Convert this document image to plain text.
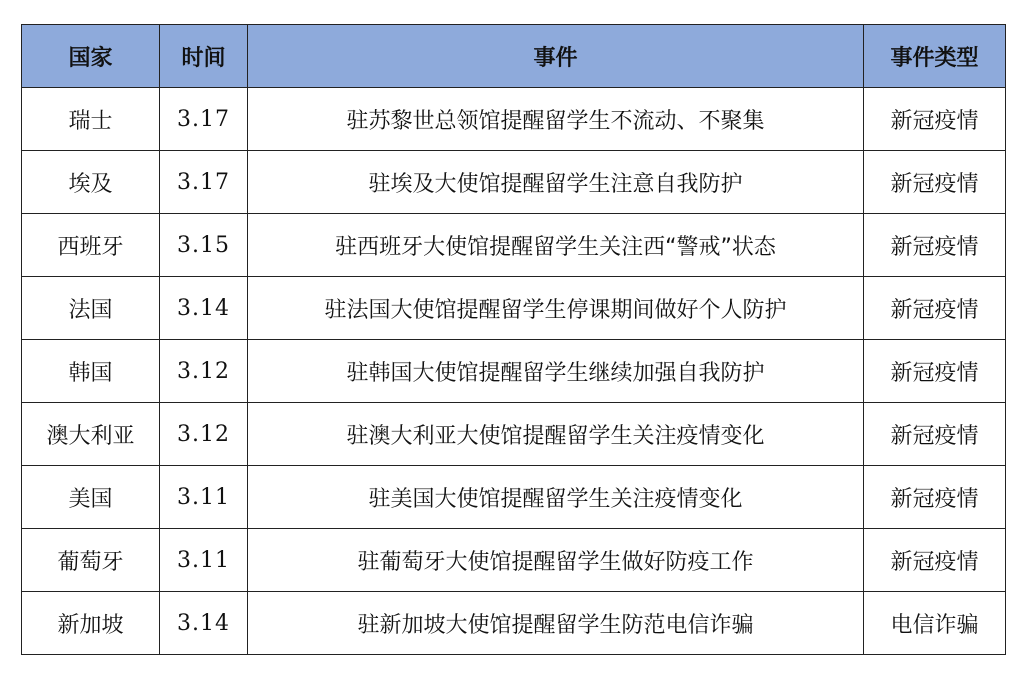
国家	时间	事件	事件类型
瑞士	3.17	驻苏黎世总领馆提醒留学生不流动、不聚集	新冠疫情
埃及	3.17	驻埃及大使馆提醒留学生注意自我防护	新冠疫情
西班牙	3.15	驻西班牙大使馆提醒留学生关注西“警戒”状态	新冠疫情
法国	3.14	驻法国大使馆提醒留学生停课期间做好个人防护	新冠疫情
韩国	3.12	驻韩国大使馆提醒留学生继续加强自我防护	新冠疫情
澳大利亚	3.12	驻澳大利亚大使馆提醒留学生关注疫情变化	新冠疫情
美国	3.11	驻美国大使馆提醒留学生关注疫情变化	新冠疫情
葡萄牙	3.11	驻葡萄牙大使馆提醒留学生做好防疫工作	新冠疫情
新加坡	3.14	驻新加坡大使馆提醒留学生防范电信诈骗	电信诈骗
